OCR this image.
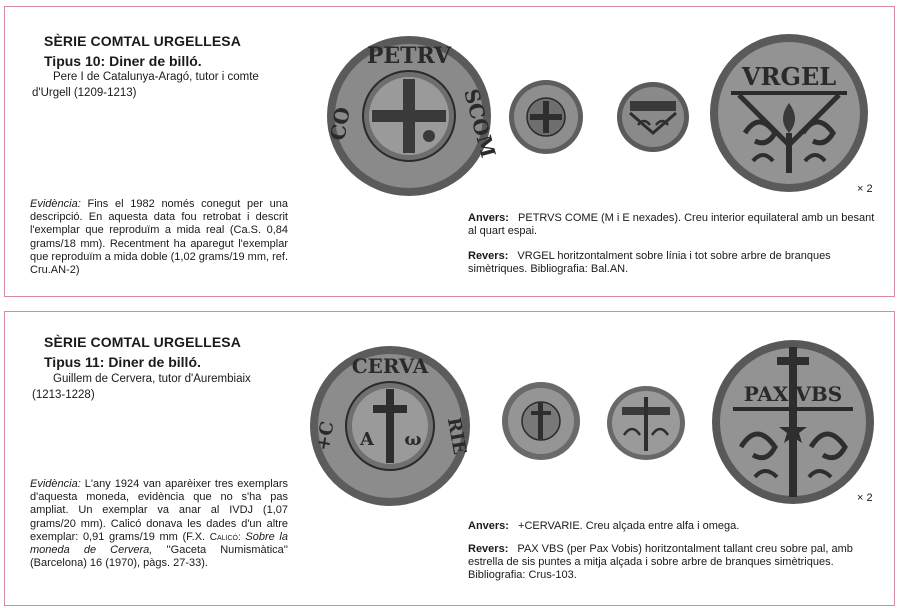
SÈRIE COMTAL URGELLESA
Tipus 10: Diner de billó.
Pere I de Catalunya-Aragó, tutor i comte
d'Urgell (1209-1213)
Evidència: Fins el 1982 només conegut per una descripció. En aquesta data fou retrobat i descrit l'exemplar que reproduïm a mida real (Ca.S. 0,84 grams/18 mm). Recentment ha aparegut l'exemplar que reproduïm a mida doble (1,02 grams/19 mm, ref. Cru.AN-2)
PETRV
SCOM
CO
VRGEL
× 2
Anvers: PETRVS COME (M i E nexades). Creu interior equilateral amb un besant al quart espai.
Revers: VRGEL horitzontalment sobre línia i tot sobre arbre de branques simètriques. Bibliografia: Bal.AN.
SÈRIE COMTAL URGELLESA
Tipus 11: Diner de billó.
Guillem de Cervera, tutor d'Aurembiaix
(1213-1228)
Evidència: L'any 1924 van aparèixer tres exemplars d'aquesta moneda, evidència que no s'ha pas ampliat. Un exemplar va anar al IVDJ (1,07 grams/20 mm). Calicó donava les dades d'un altre exemplar: 0,91 grams/19 mm (F.X. Calicó: Sobre la moneda de Cervera, ''Gaceta Numismàtica'' (Barcelona) 16 (1970), pàgs. 27-33).
A ω
CERVA
+C	RIE
PAX VBS
× 2
Anvers: +CERVARIE. Creu alçada entre alfa i omega.
Revers: PAX VBS (per Pax Vobis) horitzontalment tallant creu sobre pal, amb estrella de sis puntes a mitja alçada i sobre arbre de branques simètriques. Bibliografia: Crus-103.
